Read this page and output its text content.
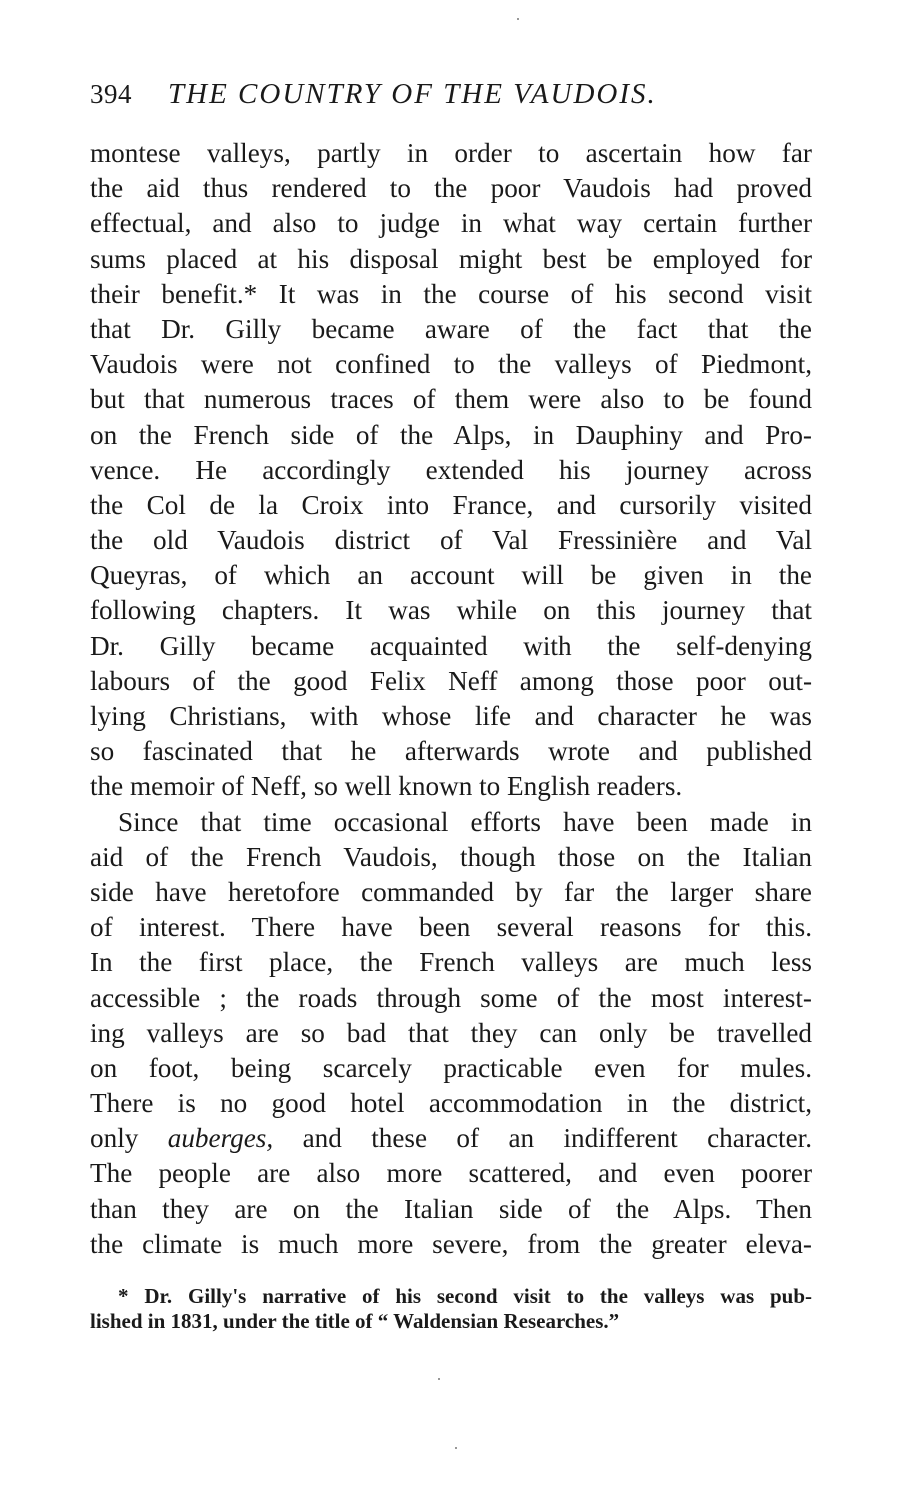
394	THE COUNTRY OF THE VAUDOIS.
montese valleys, partly in order to ascertain how far
the aid thus rendered to the poor Vaudois had proved
effectual, and also to judge in what way certain further
sums placed at his disposal might best be employed for
their benefit.* It was in the course of his second visit
that Dr. Gilly became aware of the fact that the
Vaudois were not confined to the valleys of Piedmont,
but that numerous traces of them were also to be found
on the French side of the Alps, in Dauphiny and Pro-
vence. He accordingly extended his journey across
the Col de la Croix into France, and cursorily visited
the old Vaudois district of Val Fressinière and Val
Queyras, of which an account will be given in the
following chapters. It was while on this journey that
Dr. Gilly became acquainted with the self-denying
labours of the good Felix Neff among those poor out-
lying Christians, with whose life and character he was
so fascinated that he afterwards wrote and published
the memoir of Neff, so well known to English readers.
Since that time occasional efforts have been made in
aid of the French Vaudois, though those on the Italian
side have heretofore commanded by far the larger share
of interest. There have been several reasons for this.
In the first place, the French valleys are much less
accessible ; the roads through some of the most interest-
ing valleys are so bad that they can only be travelled
on foot, being scarcely practicable even for mules.
There is no good hotel accommodation in the district,
only auberges, and these of an indifferent character.
The people are also more scattered, and even poorer
than they are on the Italian side of the Alps. Then
the climate is much more severe, from the greater eleva-
* Dr. Gilly's narrative of his second visit to the valleys was pub-
lished in 1831, under the title of “ Waldensian Researches.”
